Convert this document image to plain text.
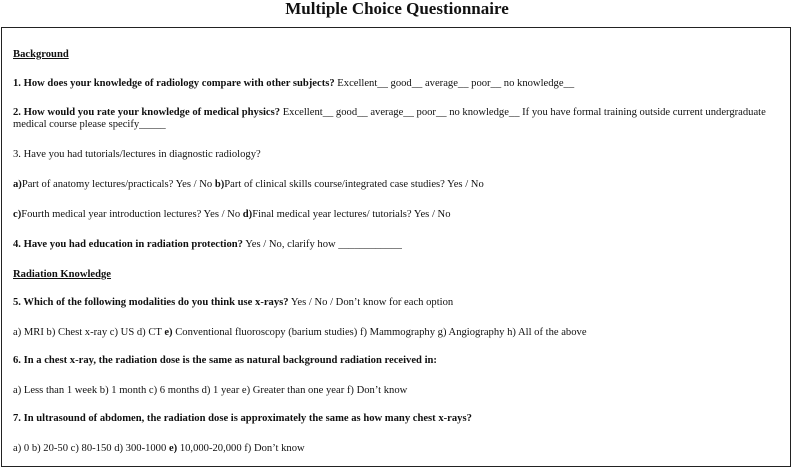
Multiple Choice Questionnaire
Background
1. How does your knowledge of radiology compare with other subjects? Excellent__ good__ average__ poor__ no knowledge__
2. How would you rate your knowledge of medical physics? Excellent__ good__ average__ poor__ no knowledge__ If you have formal training outside current undergraduate medical course please specify_____
3. Have you had tutorials/lectures in diagnostic radiology?
a)Part of anatomy lectures/practicals? Yes / No b)Part of clinical skills course/integrated case studies? Yes / No
c)Fourth medical year introduction lectures? Yes / No d)Final medical year lectures/ tutorials? Yes / No
4. Have you had education in radiation protection? Yes / No, clarify how ____________
Radiation Knowledge
5. Which of the following modalities do you think use x-rays? Yes / No / Don’t know for each option
a) MRI b) Chest x-ray c) US d) CT e) Conventional fluoroscopy (barium studies) f) Mammography g) Angiography h) All of the above
6. In a chest x-ray, the radiation dose is the same as natural background radiation received in:
a) Less than 1 week b) 1 month c) 6 months d) 1 year e) Greater than one year f) Don’t know
7. In ultrasound of abdomen, the radiation dose is approximately the same as how many chest x-rays?
a) 0 b) 20-50 c) 80-150 d) 300-1000 e) 10,000-20,000 f) Don’t know
